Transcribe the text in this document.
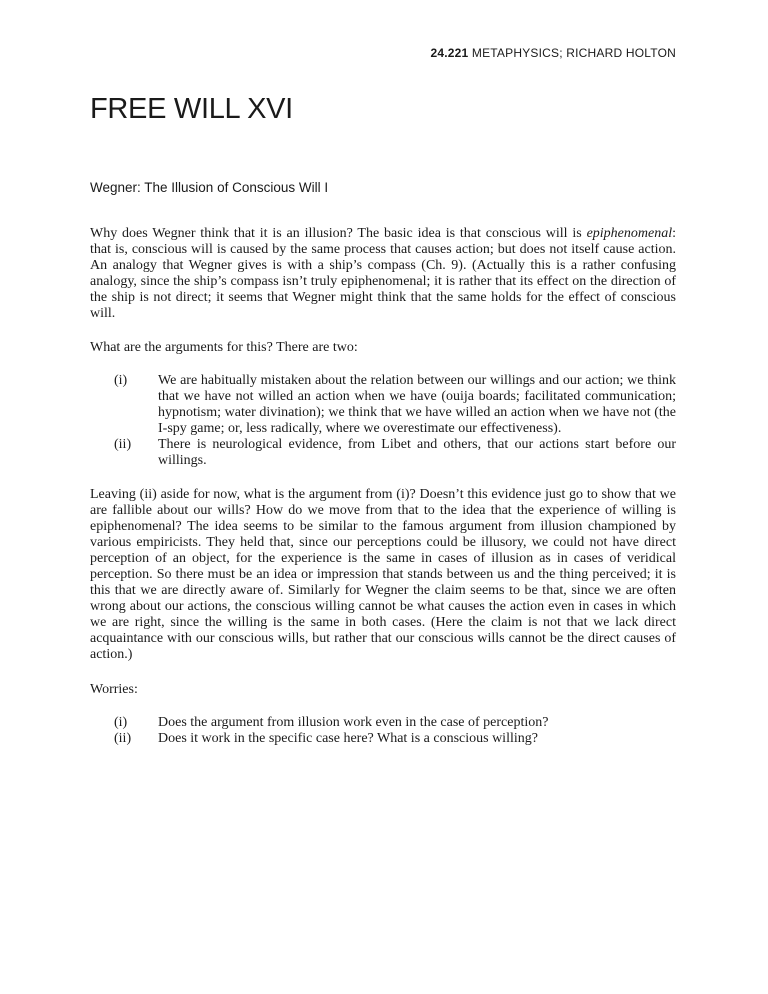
24.221 METAPHYSICS; RICHARD HOLTON
FREE WILL XVI
Wegner: The Illusion of Conscious Will I

Why does Wegner think that it is an illusion? The basic idea is that conscious will is epiphenomenal: that is, conscious will is caused by the same process that causes action; but does not itself cause action. An analogy that Wegner gives is with a ship’s compass (Ch. 9). (Actually this is a rather confusing analogy, since the ship’s compass isn’t truly epiphenomenal; it is rather that its effect on the direction of the ship is not direct; it seems that Wegner might think that the same holds for the effect of conscious will.

What are the arguments for this? There are two:

(i)	We are habitually mistaken about the relation between our willings and our action; we think that we have not willed an action when we have (ouija boards; facilitated communication; hypnotism; water divination); we think that we have willed an action when we have not (the I-spy game; or, less radically, where we overestimate our effectiveness).
(ii)	There is neurological evidence, from Libet and others, that our actions start before our willings.

Leaving (ii) aside for now, what is the argument from (i)? Doesn’t this evidence just go to show that we are fallible about our wills? How do we move from that to the idea that the experience of willing is epiphenomenal? The idea seems to be similar to the famous argument from illusion championed by various empiricists. They held that, since our perceptions could be illusory, we could not have direct perception of an object, for the experience is the same in cases of illusion as in cases of veridical perception. So there must be an idea or impression that stands between us and the thing perceived; it is this that we are directly aware of. Similarly for Wegner the claim seems to be that, since we are often wrong about our actions, the conscious willing cannot be what causes the action even in cases in which we are right, since the willing is the same in both cases. (Here the claim is not that we lack direct acquaintance with our conscious wills, but rather that our conscious wills cannot be the direct causes of action.)

Worries:

(i)	Does the argument from illusion work even in the case of perception?
(ii)	Does it work in the specific case here? What is a conscious willing?
